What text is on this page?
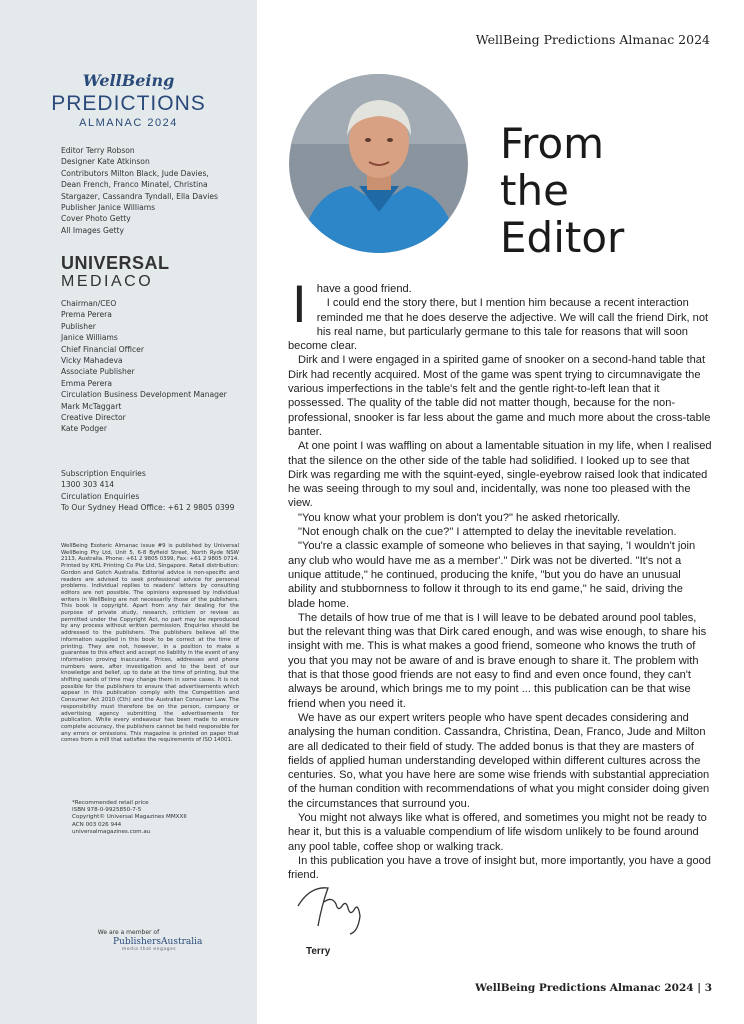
WellBeing
PREDICTIONS
ALMANAC 2024
Editor Terry Robson
Designer Kate Atkinson
Contributors Milton Black, Jude Davies,
Dean French, Franco Minatel, Christina
Stargazer, Cassandra Tyndall, Ella Davies
Publisher Janice Williams
Cover Photo Getty
All Images Getty
UNIVERSAL
MEDIACO
Chairman/CEO
Prema Perera
Publisher
Janice Williams
Chief Financial Officer
Vicky Mahadeva
Associate Publisher
Emma Perera
Circulation Business Development Manager
Mark McTaggart
Creative Director
Kate Podger
Subscription Enquiries
1300 303 414
Circulation Enquiries
To Our Sydney Head Office: +61 2 9805 0399
WellBeing Esoteric Almanac issue #9 is published by Universal WellBeing Pty Ltd, Unit 5, 6-8 Byfield Street, North Ryde NSW 2113, Australia. Phone: +61 2 9805 0399, Fax: +61 2 9805 0714. Printed by KHL Printing Co Pte Ltd, Singapore. Retail distribution: Gordon and Gotch Australia. Editorial advice is non-specific and readers are advised to seek professional advice for personal problems. Individual replies to readers' letters by consulting editors are not possible. The opinions expressed by individual writers in WellBeing are not necessarily those of the publishers. This book is copyright. Apart from any fair dealing for the purpose of private study, research, criticism or review as permitted under the Copyright Act, no part may be reproduced by any process without written permission. Enquiries should be addressed to the publishers. The publishers believe all the information supplied in this book to be correct at the time of printing. They are not, however, in a position to make a guarantee to this effect and accept no liability in the event of any information proving inaccurate. Prices, addresses and phone numbers were, after investigation and to the best of our knowledge and belief, up to date at the time of printing, but the shifting sands of time may change them in some cases. It is not possible for the publishers to ensure that advertisements which appear in this publication comply with the Competition and Consumer Act 2010 (Cth) and the Australian Consumer Law. The responsibility must therefore be on the person, company or advertising agency submitting the advertisements for publication. While every endeavour has been made to ensure complete accuracy, the publishers cannot be held responsible for any errors or omissions. This magazine is printed on paper that comes from a mill that satisfies the requirements of ISO 14001.
*Recommended retail price
ISBN 978-0-9925850-7-5
Copyright© Universal Magazines MMXXII
ACN 003 026 944
universalmagazines.com.au
We are a member of
PublishersAustralia
media that engages
WellBeing Predictions Almanac 2024
From
the
Editor

Ihave a good friend.

I could end the story there, but I mention him because a recent interaction reminded me that he does deserve the adjective. We will call the friend Dirk, not his real name, but particularly germane to this tale for reasons that will soon become clear.

Dirk and I were engaged in a spirited game of snooker on a second-hand table that Dirk had recently acquired. Most of the game was spent trying to circumnavigate the various imperfections in the table's felt and the gentle right-to-left lean that it possessed. The quality of the table did not matter though, because for the non-professional, snooker is far less about the game and much more about the cross-table banter.

At one point I was waffling on about a lamentable situation in my life, when I realised that the silence on the other side of the table had solidified. I looked up to see that Dirk was regarding me with the squint-eyed, single-eyebrow raised look that indicated he was seeing through to my soul and, incidentally, was none too pleased with the view.

"You know what your problem is don't you?" he asked rhetorically.

"Not enough chalk on the cue?" I attempted to delay the inevitable revelation.

"You're a classic example of someone who believes in that saying, 'I wouldn't join any club who would have me as a member'." Dirk was not be diverted. "It's not a unique attitude," he continued, producing the knife, "but you do have an unusual ability and stubbornness to follow it through to its end game," he said, driving the blade home.

The details of how true of me that is I will leave to be debated around pool tables, but the relevant thing was that Dirk cared enough, and was wise enough, to share his insight with me. This is what makes a good friend, someone who knows the truth of you that you may not be aware of and is brave enough to share it. The problem with that is that those good friends are not easy to find and even once found, they can't always be around, which brings me to my point ... this publication can be that wise friend when you need it.

We have as our expert writers people who have spent decades considering and analysing the human condition. Cassandra, Christina, Dean, Franco, Jude and Milton are all dedicated to their field of study. The added bonus is that they are masters of fields of applied human understanding developed within different cultures across the centuries. So, what you have here are some wise friends with substantial appreciation of the human condition with recommendations of what you might consider doing given the circumstances that surround you.

You might not always like what is offered, and sometimes you might not be ready to hear it, but this is a valuable compendium of life wisdom unlikely to be found around any pool table, coffee shop or walking track.

In this publication you have a trove of insight but, more importantly, you have a good friend.

Terry
WellBeing Predictions Almanac 2024 | 3
